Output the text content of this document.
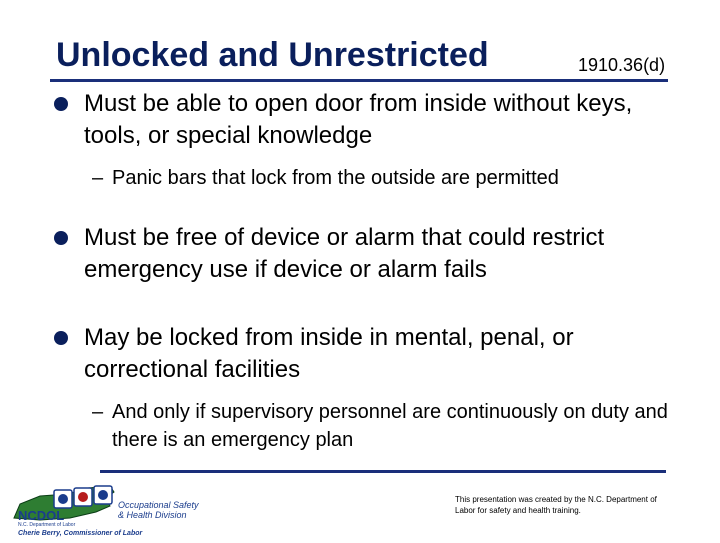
Unlocked and Unrestricted	1910.36(d)
Must be able to open door from inside without keys, tools, or special knowledge
– Panic bars that lock from the outside are permitted
Must be free of device or alarm that could restrict emergency use if device or alarm fails
May be locked from inside in mental, penal, or correctional facilities
– And only if supervisory personnel are continuously on duty and there is an emergency plan
NCDOL
N.C. Department of Labor
Occupational Safety
& Health Division
Cherie Berry, Commissioner of Labor
This presentation was created by the N.C. Department of Labor for safety and health training.
